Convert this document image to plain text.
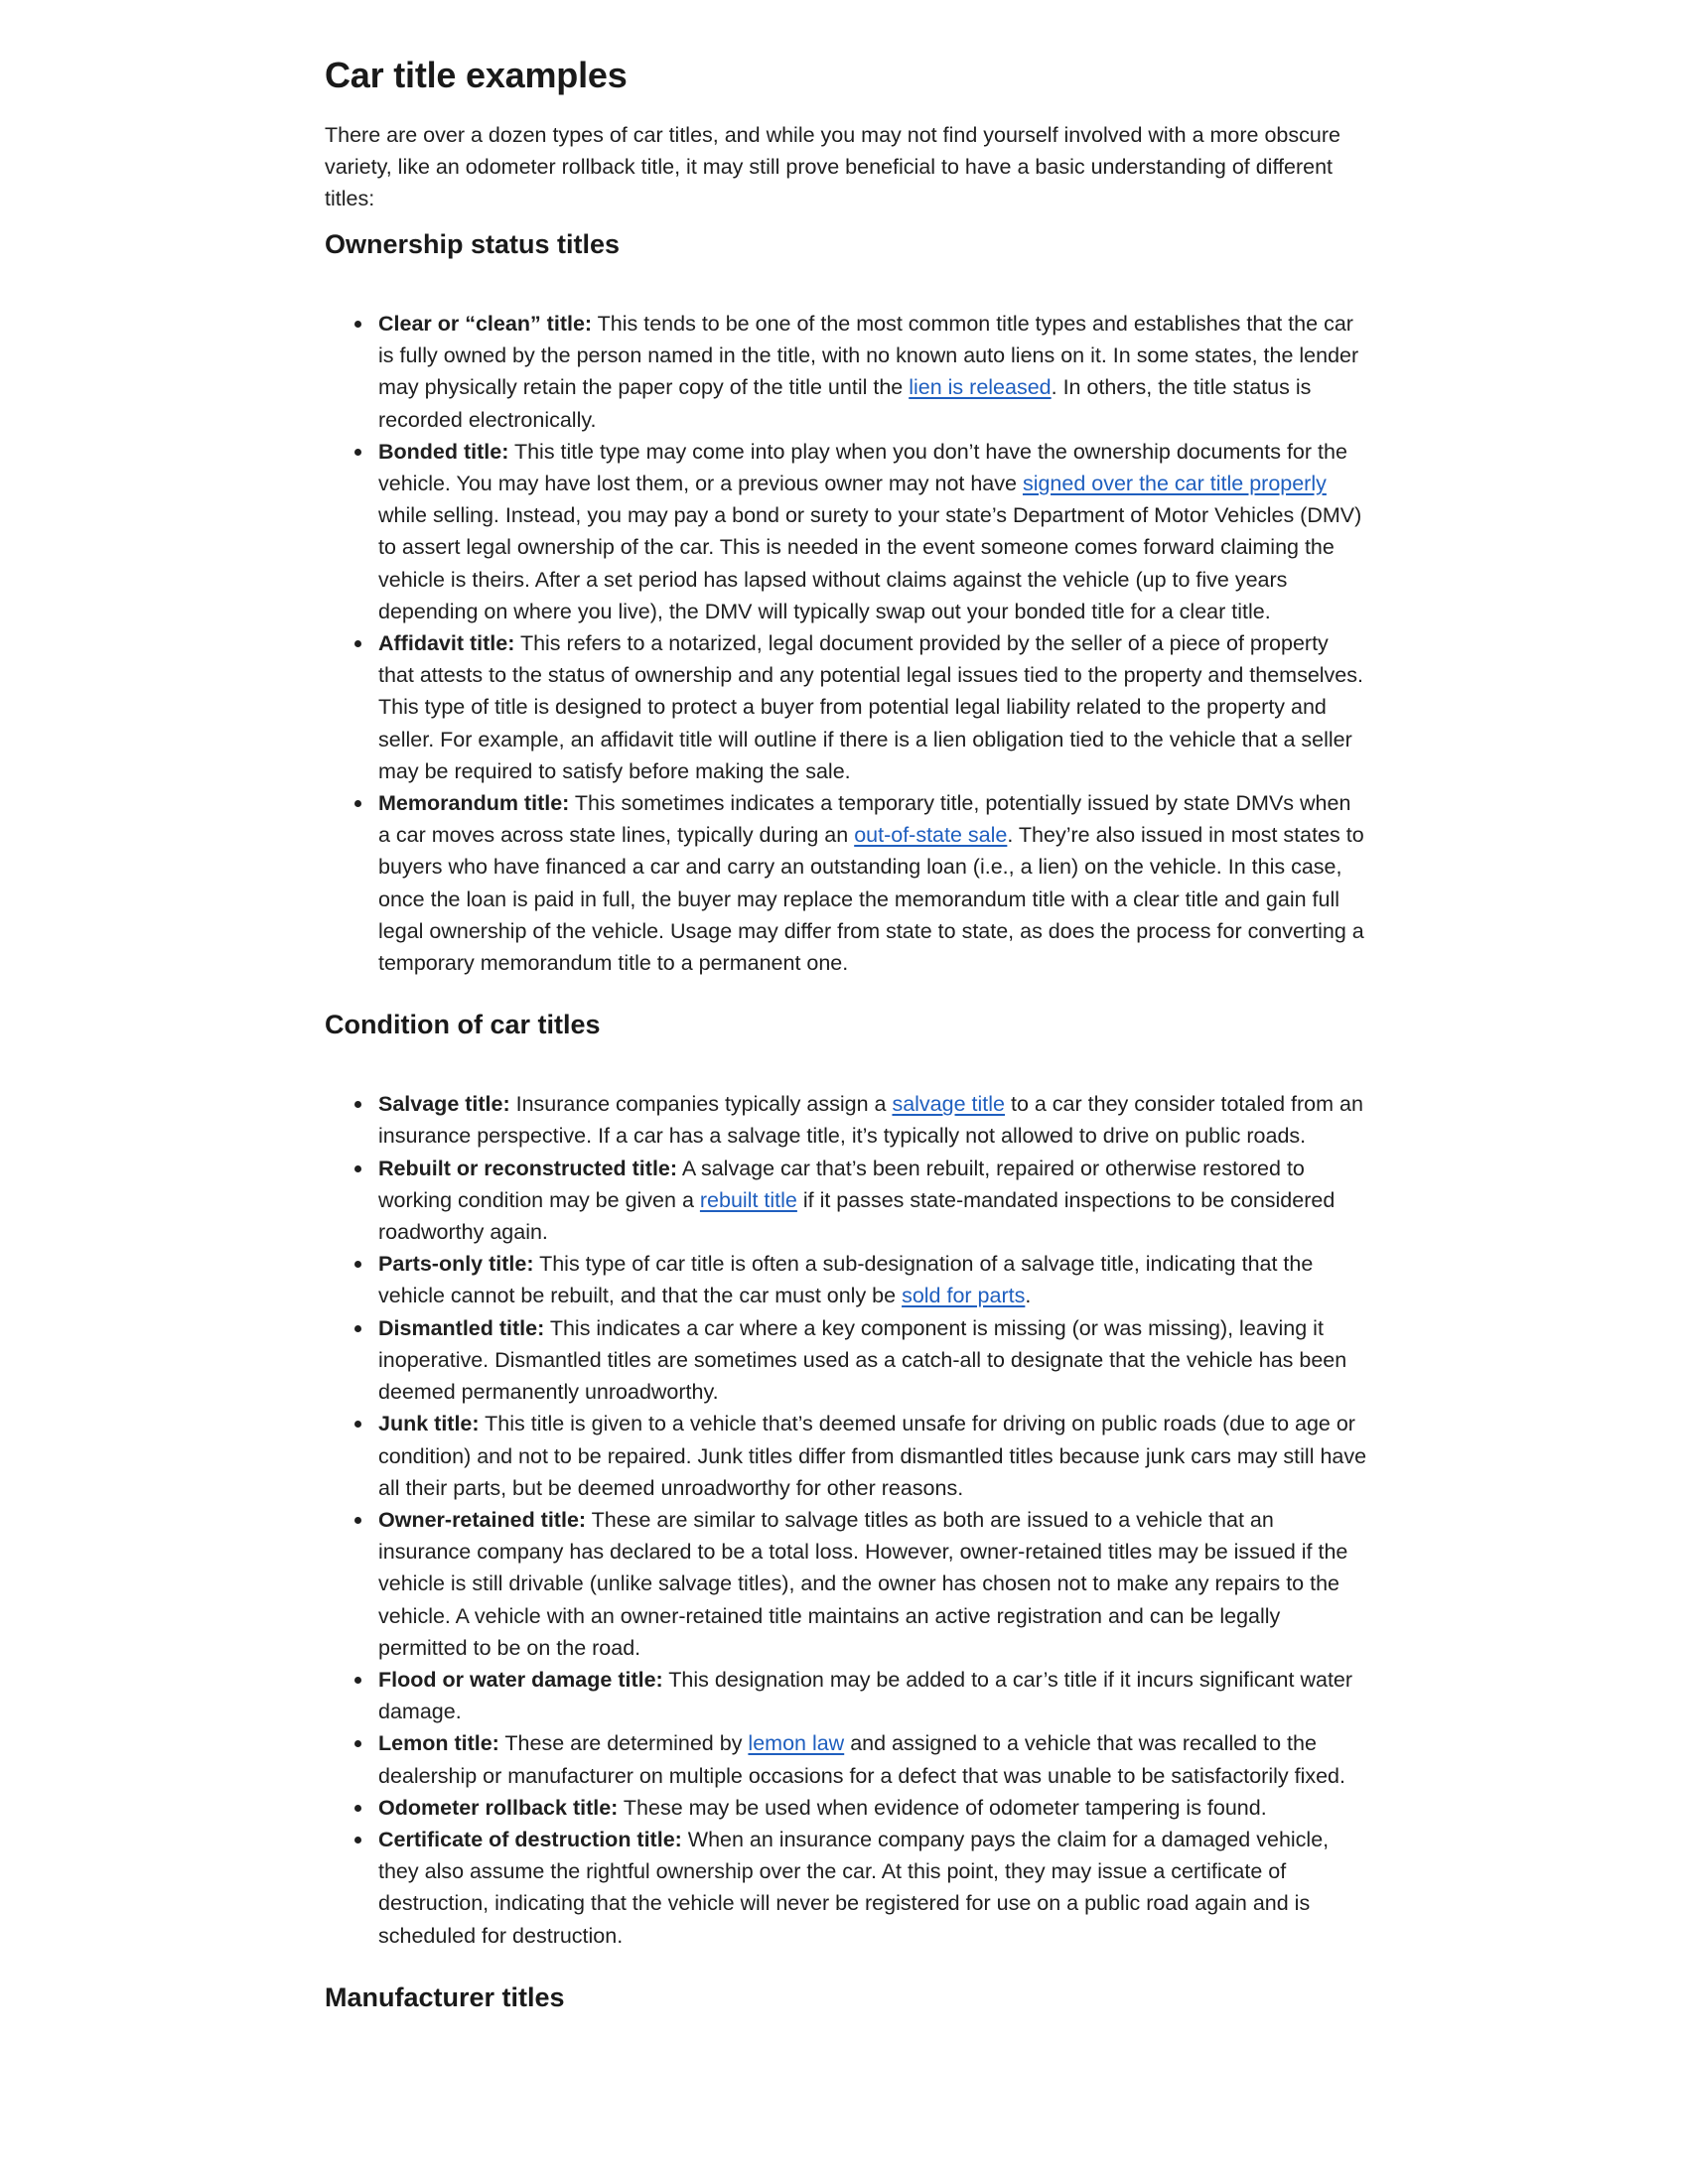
Car title examples

There are over a dozen types of car titles, and while you may not find yourself involved with a more obscure variety, like an odometer rollback title, it may still prove beneficial to have a basic understanding of different titles:

Ownership status titles
Clear or “clean” title: This tends to be one of the most common title types and establishes that the car is fully owned by the person named in the title, with no known auto liens on it. In some states, the lender may physically retain the paper copy of the title until the lien is released. In others, the title status is recorded electronically.
Bonded title: This title type may come into play when you don’t have the ownership documents for the vehicle. You may have lost them, or a previous owner may not have signed over the car title properly while selling. Instead, you may pay a bond or surety to your state’s Department of Motor Vehicles (DMV) to assert legal ownership of the car. This is needed in the event someone comes forward claiming the vehicle is theirs. After a set period has lapsed without claims against the vehicle (up to five years depending on where you live), the DMV will typically swap out your bonded title for a clear title.
Affidavit title: This refers to a notarized, legal document provided by the seller of a piece of property that attests to the status of ownership and any potential legal issues tied to the property and themselves. This type of title is designed to protect a buyer from potential legal liability related to the property and seller. For example, an affidavit title will outline if there is a lien obligation tied to the vehicle that a seller may be required to satisfy before making the sale.
Memorandum title: This sometimes indicates a temporary title, potentially issued by state DMVs when a car moves across state lines, typically during an out-of-state sale. They’re also issued in most states to buyers who have financed a car and carry an outstanding loan (i.e., a lien) on the vehicle. In this case, once the loan is paid in full, the buyer may replace the memorandum title with a clear title and gain full legal ownership of the vehicle. Usage may differ from state to state, as does the process for converting a temporary memorandum title to a permanent one.
Condition of car titles
Salvage title: Insurance companies typically assign a salvage title to a car they consider totaled from an insurance perspective. If a car has a salvage title, it’s typically not allowed to drive on public roads.
Rebuilt or reconstructed title: A salvage car that’s been rebuilt, repaired or otherwise restored to working condition may be given a rebuilt title if it passes state-mandated inspections to be considered roadworthy again.
Parts-only title: This type of car title is often a sub-designation of a salvage title, indicating that the vehicle cannot be rebuilt, and that the car must only be sold for parts.
Dismantled title: This indicates a car where a key component is missing (or was missing), leaving it inoperative. Dismantled titles are sometimes used as a catch-all to designate that the vehicle has been deemed permanently unroadworthy.
Junk title: This title is given to a vehicle that’s deemed unsafe for driving on public roads (due to age or condition) and not to be repaired. Junk titles differ from dismantled titles because junk cars may still have all their parts, but be deemed unroadworthy for other reasons.
Owner-retained title: These are similar to salvage titles as both are issued to a vehicle that an insurance company has declared to be a total loss. However, owner-retained titles may be issued if the vehicle is still drivable (unlike salvage titles), and the owner has chosen not to make any repairs to the vehicle. A vehicle with an owner-retained title maintains an active registration and can be legally permitted to be on the road.
Flood or water damage title: This designation may be added to a car’s title if it incurs significant water damage.
Lemon title: These are determined by lemon law and assigned to a vehicle that was recalled to the dealership or manufacturer on multiple occasions for a defect that was unable to be satisfactorily fixed.
Odometer rollback title: These may be used when evidence of odometer tampering is found.
Certificate of destruction title: When an insurance company pays the claim for a damaged vehicle, they also assume the rightful ownership over the car. At this point, they may issue a certificate of destruction, indicating that the vehicle will never be registered for use on a public road again and is scheduled for destruction.
Manufacturer titles
